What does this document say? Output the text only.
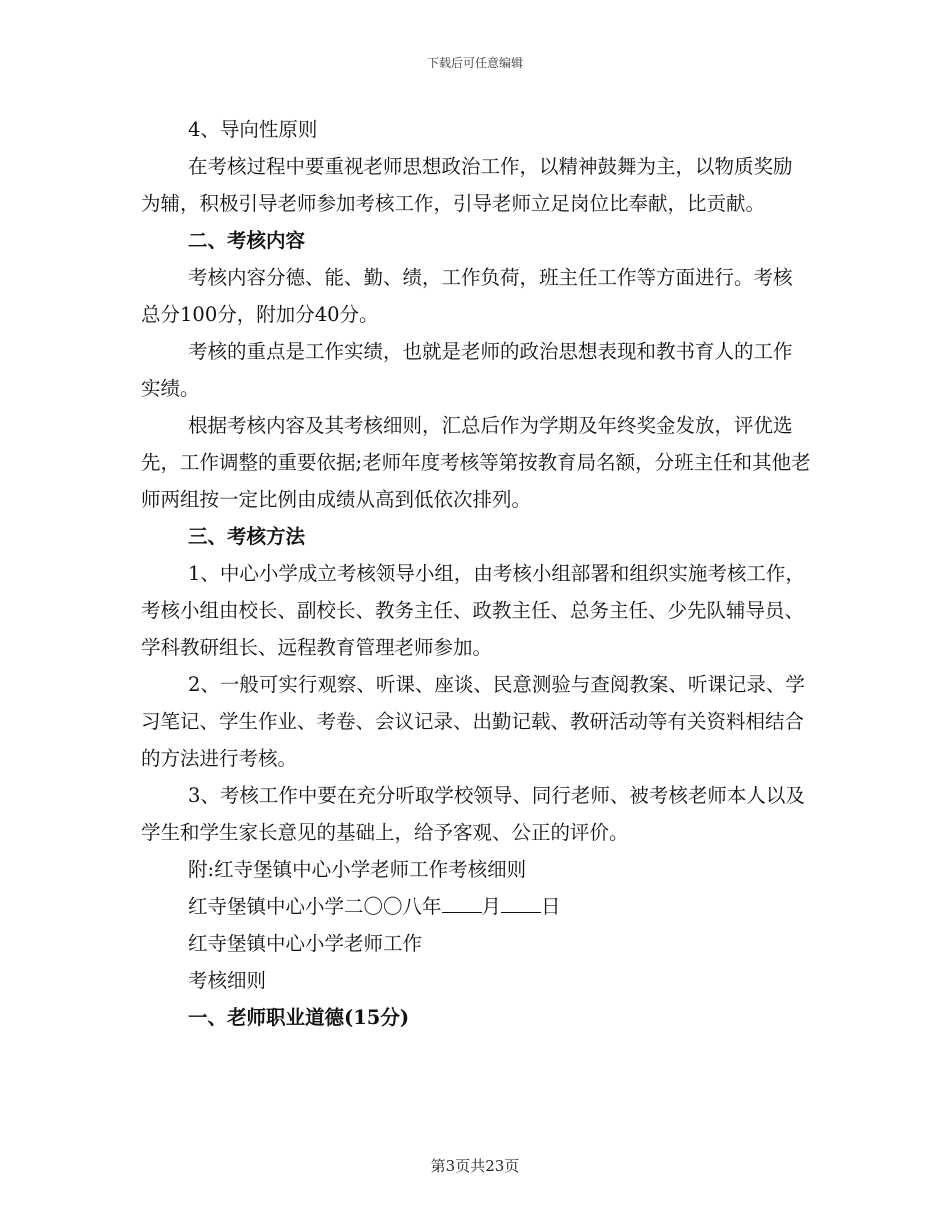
下载后可任意编辑

4、导向性原则

在考核过程中要重视老师思想政治工作，以精神鼓舞为主，以物质奖励为辅，积极引导老师参加考核工作，引导老师立足岗位比奉献，比贡献。

二、考核内容

考核内容分德、能、勤、绩，工作负荷，班主任工作等方面进行。考核总分100分，附加分40分。

考核的重点是工作实绩，也就是老师的政治思想表现和教书育人的工作实绩。

根据考核内容及其考核细则，汇总后作为学期及年终奖金发放，评优选先，工作调整的重要依据;老师年度考核等第按教育局名额，分班主任和其他老师两组按一定比例由成绩从高到低依次排列。

三、考核方法

1、中心小学成立考核领导小组，由考核小组部署和组织实施考核工作，考核小组由校长、副校长、教务主任、政教主任、总务主任、少先队辅导员、学科教研组长、远程教育管理老师参加。

2、一般可实行观察、听课、座谈、民意测验与查阅教案、听课记录、学习笔记、学生作业、考卷、会议记录、出勤记载、教研活动等有关资料相结合的方法进行考核。

3、考核工作中要在充分听取学校领导、同行老师、被考核老师本人以及学生和学生家长意见的基础上，给予客观、公正的评价。

附:红寺堡镇中心小学老师工作考核细则

红寺堡镇中心小学二〇〇八年 月 日

红寺堡镇中心小学老师工作

考核细则

一、老师职业道德(15分)

第3页共23页
